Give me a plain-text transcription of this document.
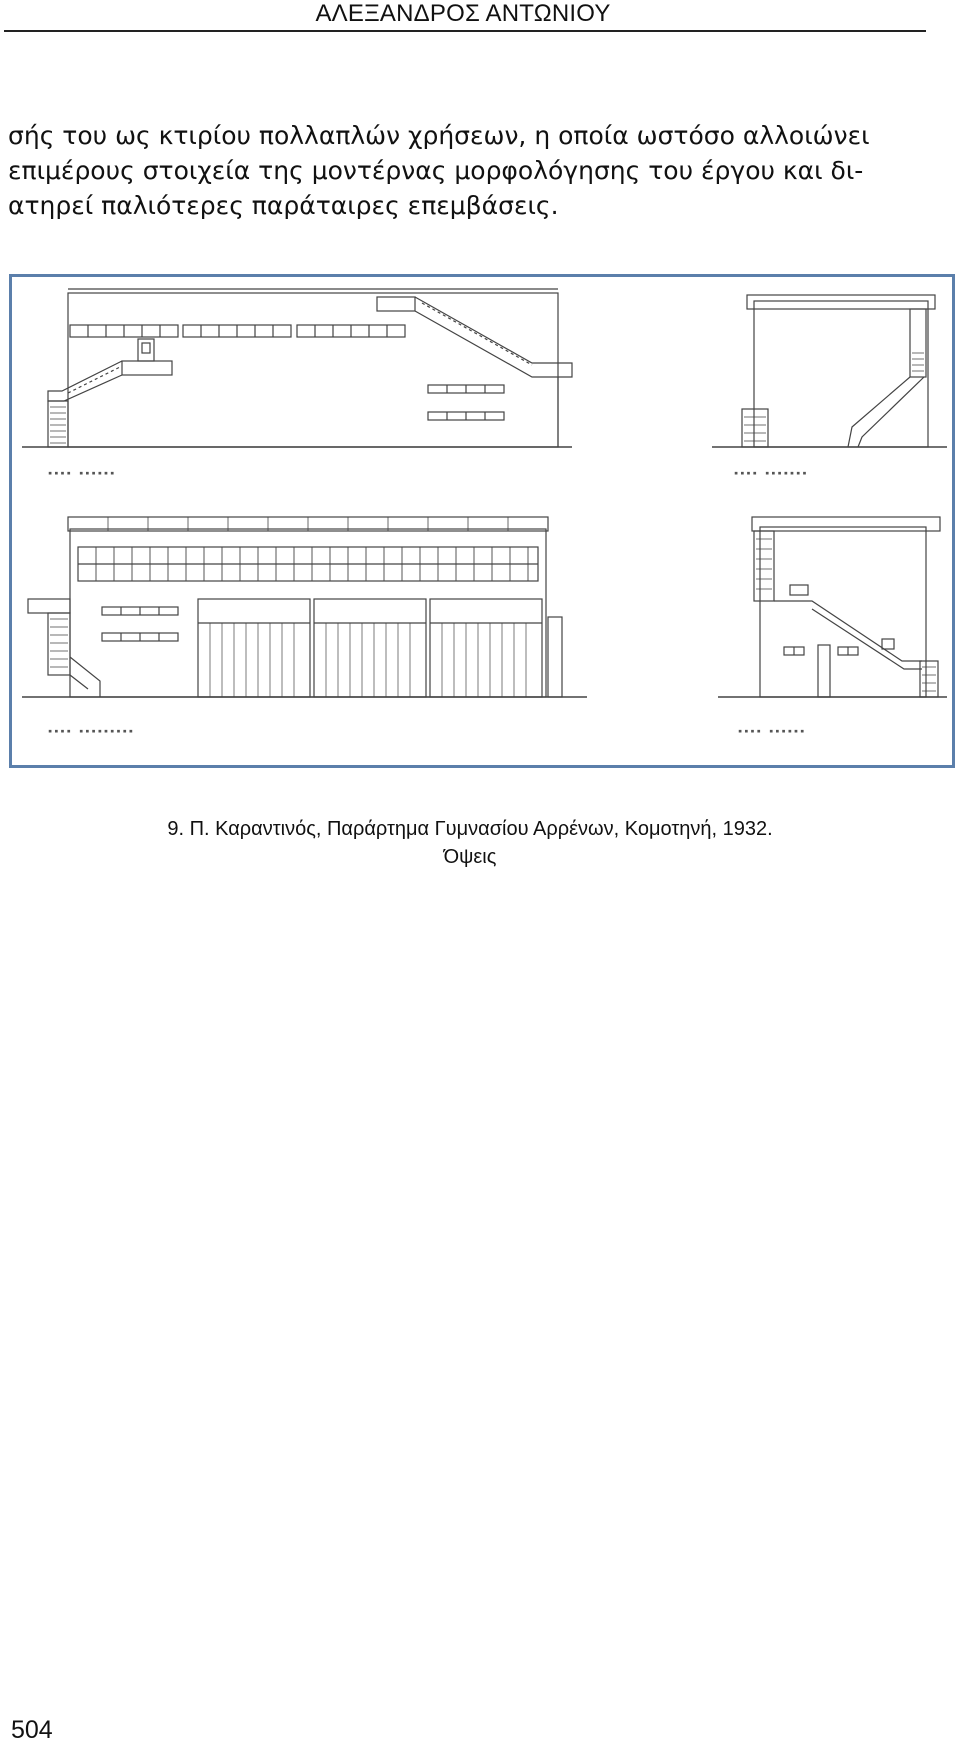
ΑΛΕΞΑΝΔΡΟΣ ΑΝΤΩΝΙΟΥ
σής του ως κτιρίου πολλαπλών χρήσεων, η οποία ωστόσο αλλοιώνει
επιμέρους στοιχεία της μοντέρνας μορφολόγησης του έργου και δι-
ατηρεί παλιότερες παράταιρες επεμβάσεις.
▪▪▪▪ ▪▪▪▪▪▪	▪▪▪▪ ▪▪▪▪▪▪▪
▪▪▪▪ ▪▪▪▪▪▪▪▪▪	▪▪▪▪ ▪▪▪▪▪▪
9. Π. Καραντινός, Παράρτημα Γυμνασίου Αρρένων, Κομοτηνή, 1932.
Όψεις
504
